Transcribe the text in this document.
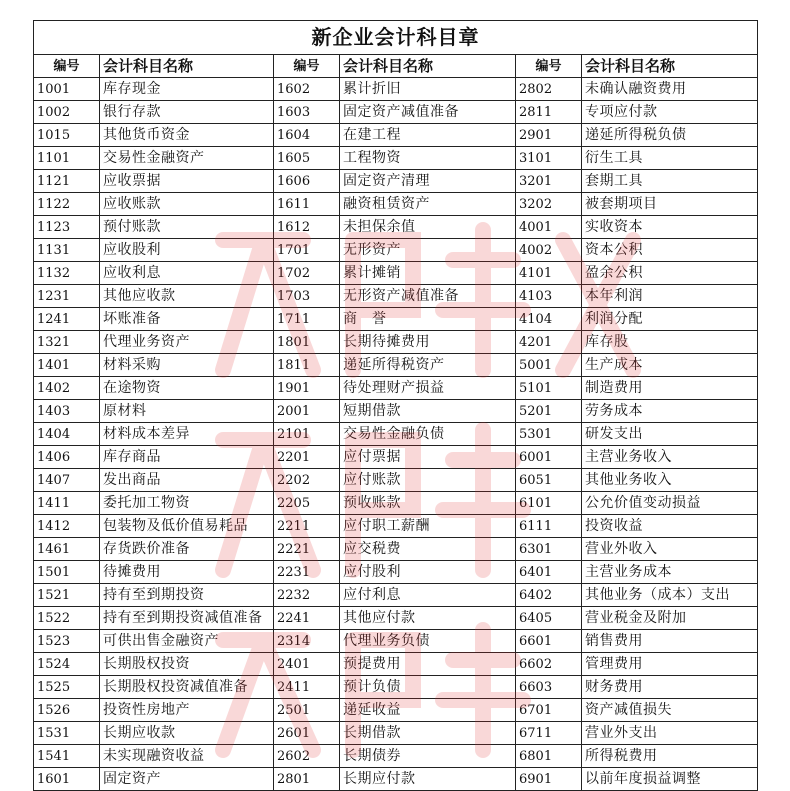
新企业会计科目章					
编号	会计科目名称	编号	会计科目名称	编号	会计科目名称
1001	库存现金	1602	累计折旧	2802	未确认融资费用
1002	银行存款	1603	固定资产减值准备	2811	专项应付款
1015	其他货币资金	1604	在建工程	2901	递延所得税负债
1101	交易性金融资产	1605	工程物资	3101	衍生工具
1121	应收票据	1606	固定资产清理	3201	套期工具
1122	应收账款	1611	融资租赁资产	3202	被套期项目
1123	预付账款	1612	未担保余值	4001	实收资本
1131	应收股利	1701	无形资产	4002	资本公积
1132	应收利息	1702	累计摊销	4101	盈余公积
1231	其他应收款	1703	无形资产减值准备	4103	本年利润
1241	坏账准备	1711	商　誉	4104	利润分配
1321	代理业务资产	1801	长期待摊费用	4201	库存股
1401	材料采购	1811	递延所得税资产	5001	生产成本
1402	在途物资	1901	待处理财产损益	5101	制造费用
1403	原材料	2001	短期借款	5201	劳务成本
1404	材料成本差异	2101	交易性金融负债	5301	研发支出
1406	库存商品	2201	应付票据	6001	主营业务收入
1407	发出商品	2202	应付账款	6051	其他业务收入
1411	委托加工物资	2205	预收账款	6101	公允价值变动损益
1412	包装物及低价值易耗品	2211	应付职工薪酬	6111	投资收益
1461	存货跌价准备	2221	应交税费	6301	营业外收入
1501	待摊费用	2231	应付股利	6401	主营业务成本
1521	持有至到期投资	2232	应付利息	6402	其他业务（成本）支出
1522	持有至到期投资减值准备	2241	其他应付款	6405	营业税金及附加
1523	可供出售金融资产	2314	代理业务负债	6601	销售费用
1524	长期股权投资	2401	预提费用	6602	管理费用
1525	长期股权投资减值准备	2411	预计负债	6603	财务费用
1526	投资性房地产	2501	递延收益	6701	资产减值损失
1531	长期应收款	2601	长期借款	6711	营业外支出
1541	未实现融资收益	2602	长期债券	6801	所得税费用
1601	固定资产	2801	长期应付款	6901	以前年度损益调整
